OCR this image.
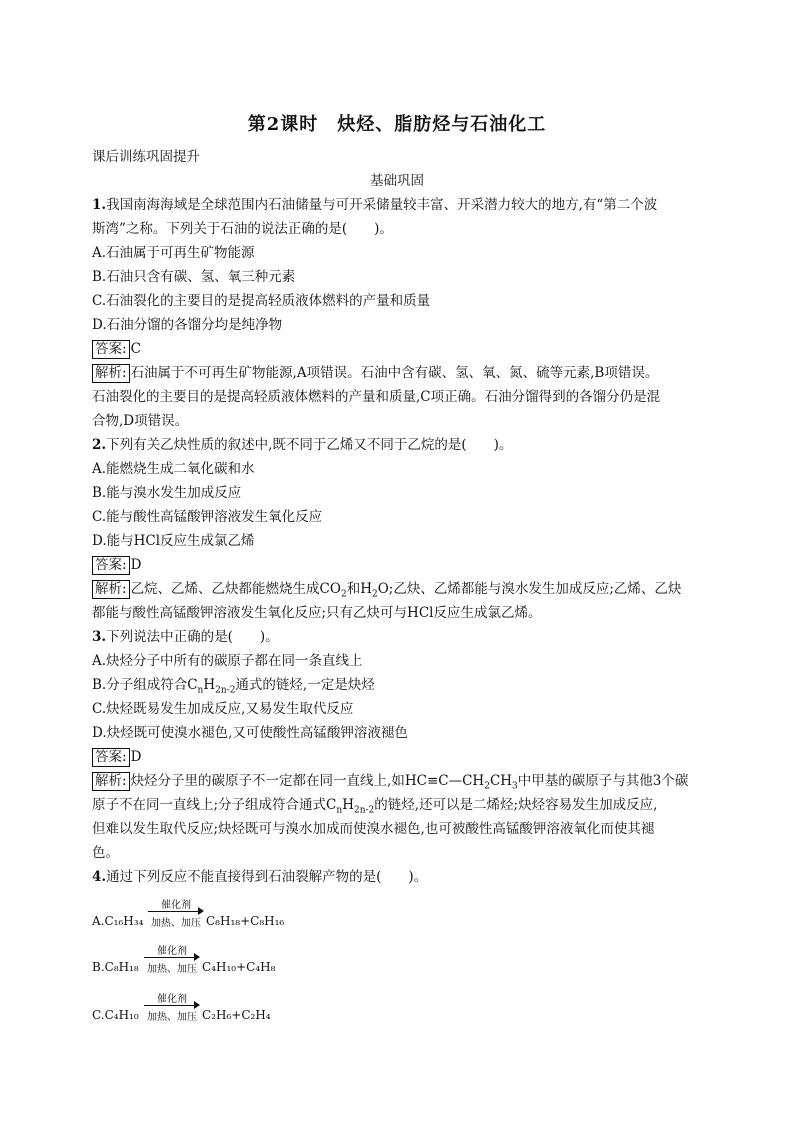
第2课时　炔烃、脂肪烃与石油化工
课后训练巩固提升
基础巩固
1.我国南海海域是全球范围内石油储量与可开采储量较丰富、开采潜力较大的地方,有“第二个波
斯湾”之称。下列关于石油的说法正确的是(　　)。
A.石油属于可再生矿物能源
B.石油只含有碳、氢、氧三种元素
C.石油裂化的主要目的是提高轻质液体燃料的产量和质量
D.石油分馏的各馏分均是纯净物
答案: C
解析: 石油属于不可再生矿物能源,A项错误。石油中含有碳、氢、氧、氮、硫等元素,B项错误。
石油裂化的主要目的是提高轻质液体燃料的产量和质量,C项正确。石油分馏得到的各馏分仍是混
合物,D项错误。
2.下列有关乙炔性质的叙述中,既不同于乙烯又不同于乙烷的是(　　)。
A.能燃烧生成二氧化碳和水
B.能与溴水发生加成反应
C.能与酸性高锰酸钾溶液发生氧化反应
D.能与HCl反应生成氯乙烯
答案: D
解析: 乙烷、乙烯、乙炔都能燃烧生成$CO_2$和$H_2O$;乙炔、乙烯都能与溴水发生加成反应;乙烯、乙炔
都能与酸性高锰酸钾溶液发生氧化反应;只有乙炔可与HCl反应生成氯乙烯。
3.下列说法中正确的是(　　)。
A.炔烃分子中所有的碳原子都在同一条直线上
B.分子组成符合$C_nH_{2n-2}$通式的链烃,一定是炔烃
C.炔烃既易发生加成反应,又易发生取代反应
D.炔烃既可使溴水褪色,又可使酸性高锰酸钾溶液褪色
答案: D
解析: 炔烃分子里的碳原子不一定都在同一直线上,如$HC\equiv C—CH_2CH_3$中甲基的碳原子与其他3个碳
原子不在同一直线上;分子组成符合通式$C_nH_{2n-2}$的链烃,还可以是二烯烃;炔烃容易发生加成反应,
但难以发生取代反应;炔烃既可与溴水加成而使溴水褪色,也可被酸性高锰酸钾溶液氧化而使其褪
色。
4.通过下列反应不能直接得到石油裂解产物的是(　　)。
A.C₁₆H₃₄
催化剂
加热、加压 C₈H₁₈+C₈H₁₆
B.C₈H₁₈
催化剂
加热、加压 C₄H₁₀+C₄H₈
C.C₄H₁₀
催化剂
加热、加压 C₂H₆+C₂H₄
